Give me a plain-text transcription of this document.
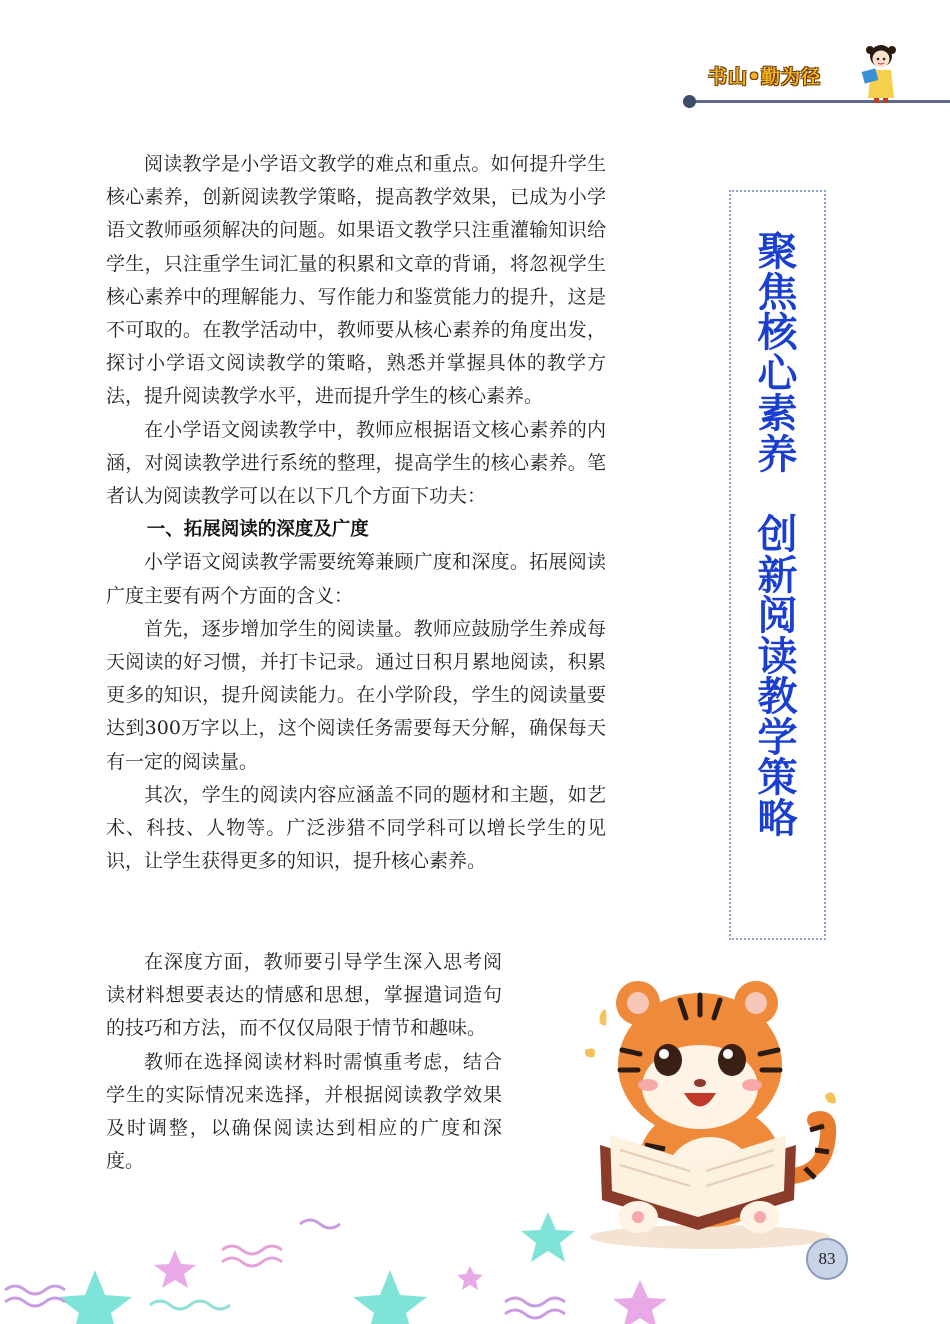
书山•勤为径

阅读教学是小学语文教学的难点和重点。如何提升学生核心素养，创新阅读教学策略，提高教学效果，已成为小学语文教师亟须解决的问题。如果语文教学只注重灌输知识给学生，只注重学生词汇量的积累和文章的背诵，将忽视学生核心素养中的理解能力、写作能力和鉴赏能力的提升，这是不可取的。在教学活动中，教师要从核心素养的角度出发，探讨小学语文阅读教学的策略，熟悉并掌握具体的教学方法，提升阅读教学水平，进而提升学生的核心素养。

在小学语文阅读教学中，教师应根据语文核心素养的内涵，对阅读教学进行系统的整理，提高学生的核心素养。笔者认为阅读教学可以在以下几个方面下功夫：

一、拓展阅读的深度及广度

小学语文阅读教学需要统筹兼顾广度和深度。拓展阅读广度主要有两个方面的含义：

首先，逐步增加学生的阅读量。教师应鼓励学生养成每天阅读的好习惯，并打卡记录。通过日积月累地阅读，积累更多的知识，提升阅读能力。在小学阶段，学生的阅读量要达到300万字以上，这个阅读任务需要每天分解，确保每天有一定的阅读量。

其次，学生的阅读内容应涵盖不同的题材和主题，如艺术、科技、人物等。广泛涉猎不同学科可以增长学生的见识，让学生获得更多的知识，提升核心素养。

在深度方面，教师要引导学生深入思考阅读材料想要表达的情感和思想，掌握遣词造句的技巧和方法，而不仅仅局限于情节和趣味。

教师在选择阅读材料时需慎重考虑，结合学生的实际情况来选择，并根据阅读教学效果及时调整，以确保阅读达到相应的广度和深度。

聚
焦
核
心
素
养
创
新
阅
读
教
学
策
略
83
